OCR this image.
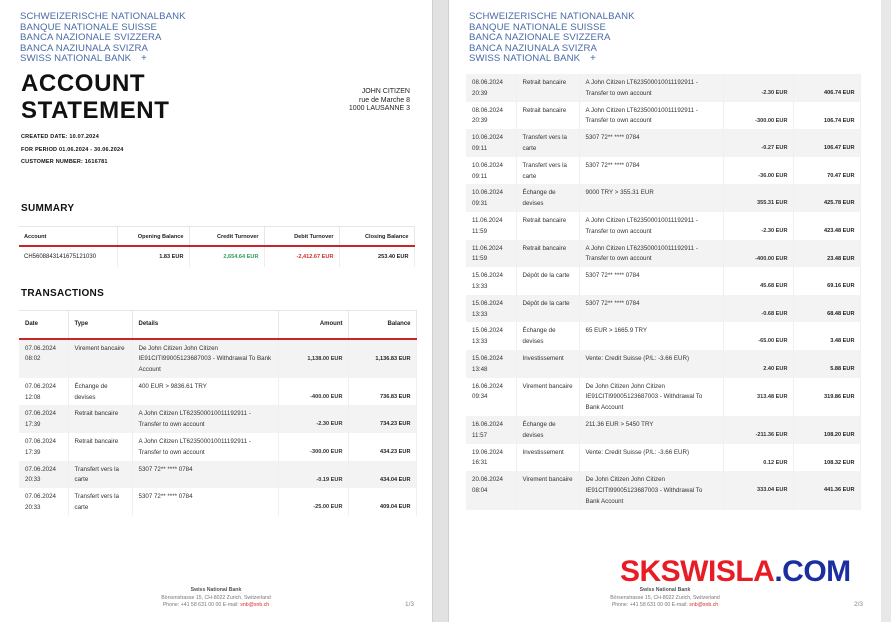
SCHWEIZERISCHE NATIONALBANK
BANQUE NATIONALE SUISSE
BANCA NAZIONALE SVIZZERA
BANCA NAZIUNALA SVIZRA
SWISS NATIONAL BANK +
ACCOUNT
STATEMENT
JOHN CITIZEN
rue de Marche 8
1000 LAUSANNE 3
CREATED DATE: 10.07.2024
FOR PERIOD 01.06.2024 - 30.06.2024
CUSTOMER NUMBER: 1616781
SUMMARY
Account	Opening Balance	Credit Turnover	Debit Turnover	Closing Balance
CH5608843141675121030	1.83 EUR	2,654.64 EUR	-2,412.67 EUR	253.40 EUR
TRANSACTIONS
Date	Type	Details	Amount	Balance

07.06.2024
08:02	Virement bancaire	De John Citizen John Citizen IE91CITI99005123687003 - Withdrawal To Bank Account	1,138.00 EUR	1,136.83 EUR

07.06.2024
12:08	Échange de devises	400 EUR > 9836.61 TRY	-400.00 EUR	736.83 EUR

07.06.2024
17:39	Retrait bancaire	A John Citizen LT623500010011192911 - Transfer to own account	-2.30 EUR	734.23 EUR

07.06.2024
17:39	Retrait bancaire	A John Citizen LT623500010011192911 - Transfer to own account	-300.00 EUR	434.23 EUR

07.06.2024
20:33	Transfert vers la carte	5307 72** **** 0784	-0.19 EUR	434.04 EUR

07.06.2024
20:33	Transfert vers la carte	5307 72** **** 0784	-25.00 EUR	409.04 EUR
Swiss National Bank
Börsenstrasse 15, CH-8022 Zurich, Switzerland
Phone: +41 58 631 00 00 E-mail: snb@snb.ch	1/3
SCHWEIZERISCHE NATIONALBANK
BANQUE NATIONALE SUISSE
BANCA NAZIONALE SVIZZERA
BANCA NAZIUNALA SVIZRA
SWISS NATIONAL BANK +
Swiss National Bank
Börsenstrasse 15, CH-8022 Zurich, Switzerland
Phone: +41 58 631 00 00 E-mail: snb@snb.ch	2/3
08.06.2024
20:39	Retrait bancaire	A John Citizen LT623500010011192911 - Transfer to own account	-2.30 EUR	406.74 EUR

08.06.2024
20:39	Retrait bancaire	A John Citizen LT623500010011192911 - Transfer to own account	-300.00 EUR	106.74 EUR

10.06.2024
09:11	Transfert vers la carte	5307 72** **** 0784	-0.27 EUR	106.47 EUR

10.06.2024
09:11	Transfert vers la carte	5307 72** **** 0784	-36.00 EUR	70.47 EUR

10.06.2024
09:31	Échange de devises	9000 TRY > 355.31 EUR	355.31 EUR	425.78 EUR

11.06.2024
11:59	Retrait bancaire	A John Citizen LT623500010011192911 - Transfer to own account	-2.30 EUR	423.48 EUR

11.06.2024
11:59	Retrait bancaire	A John Citizen LT623500010011192911 - Transfer to own account	-400.00 EUR	23.48 EUR

15.06.2024
13:33	Dépôt de la carte	5307 72** **** 0784	45.68 EUR	69.16 EUR

15.06.2024
13:33	Dépôt de la carte	5307 72** **** 0784	-0.68 EUR	68.48 EUR

15.06.2024
13:33	Échange de devises	65 EUR > 1665.9 TRY	-65.00 EUR	3.48 EUR

15.06.2024
13:48	Investissement	Vente: Credit Suisse (P/L: -3.66 EUR)	2.40 EUR	5.88 EUR

16.06.2024
09:34	Virement bancaire	De John Citizen John Citizen IE91CITI99005123687003 - Withdrawal To Bank Account	313.48 EUR	319.86 EUR

16.06.2024
11:57	Échange de devises	211.36 EUR > 5450 TRY	-211.36 EUR	108.20 EUR

19.06.2024
16:31	Investissement	Vente: Credit Suisse (P/L: -3.66 EUR)	0.12 EUR	108.32 EUR

20.06.2024
08:04	Virement bancaire	De John Citizen John Citizen IE91CITI99005123687003 - Withdrawal To Bank Account	333.04 EUR	441.36 EUR
SKSWISLA.COM
